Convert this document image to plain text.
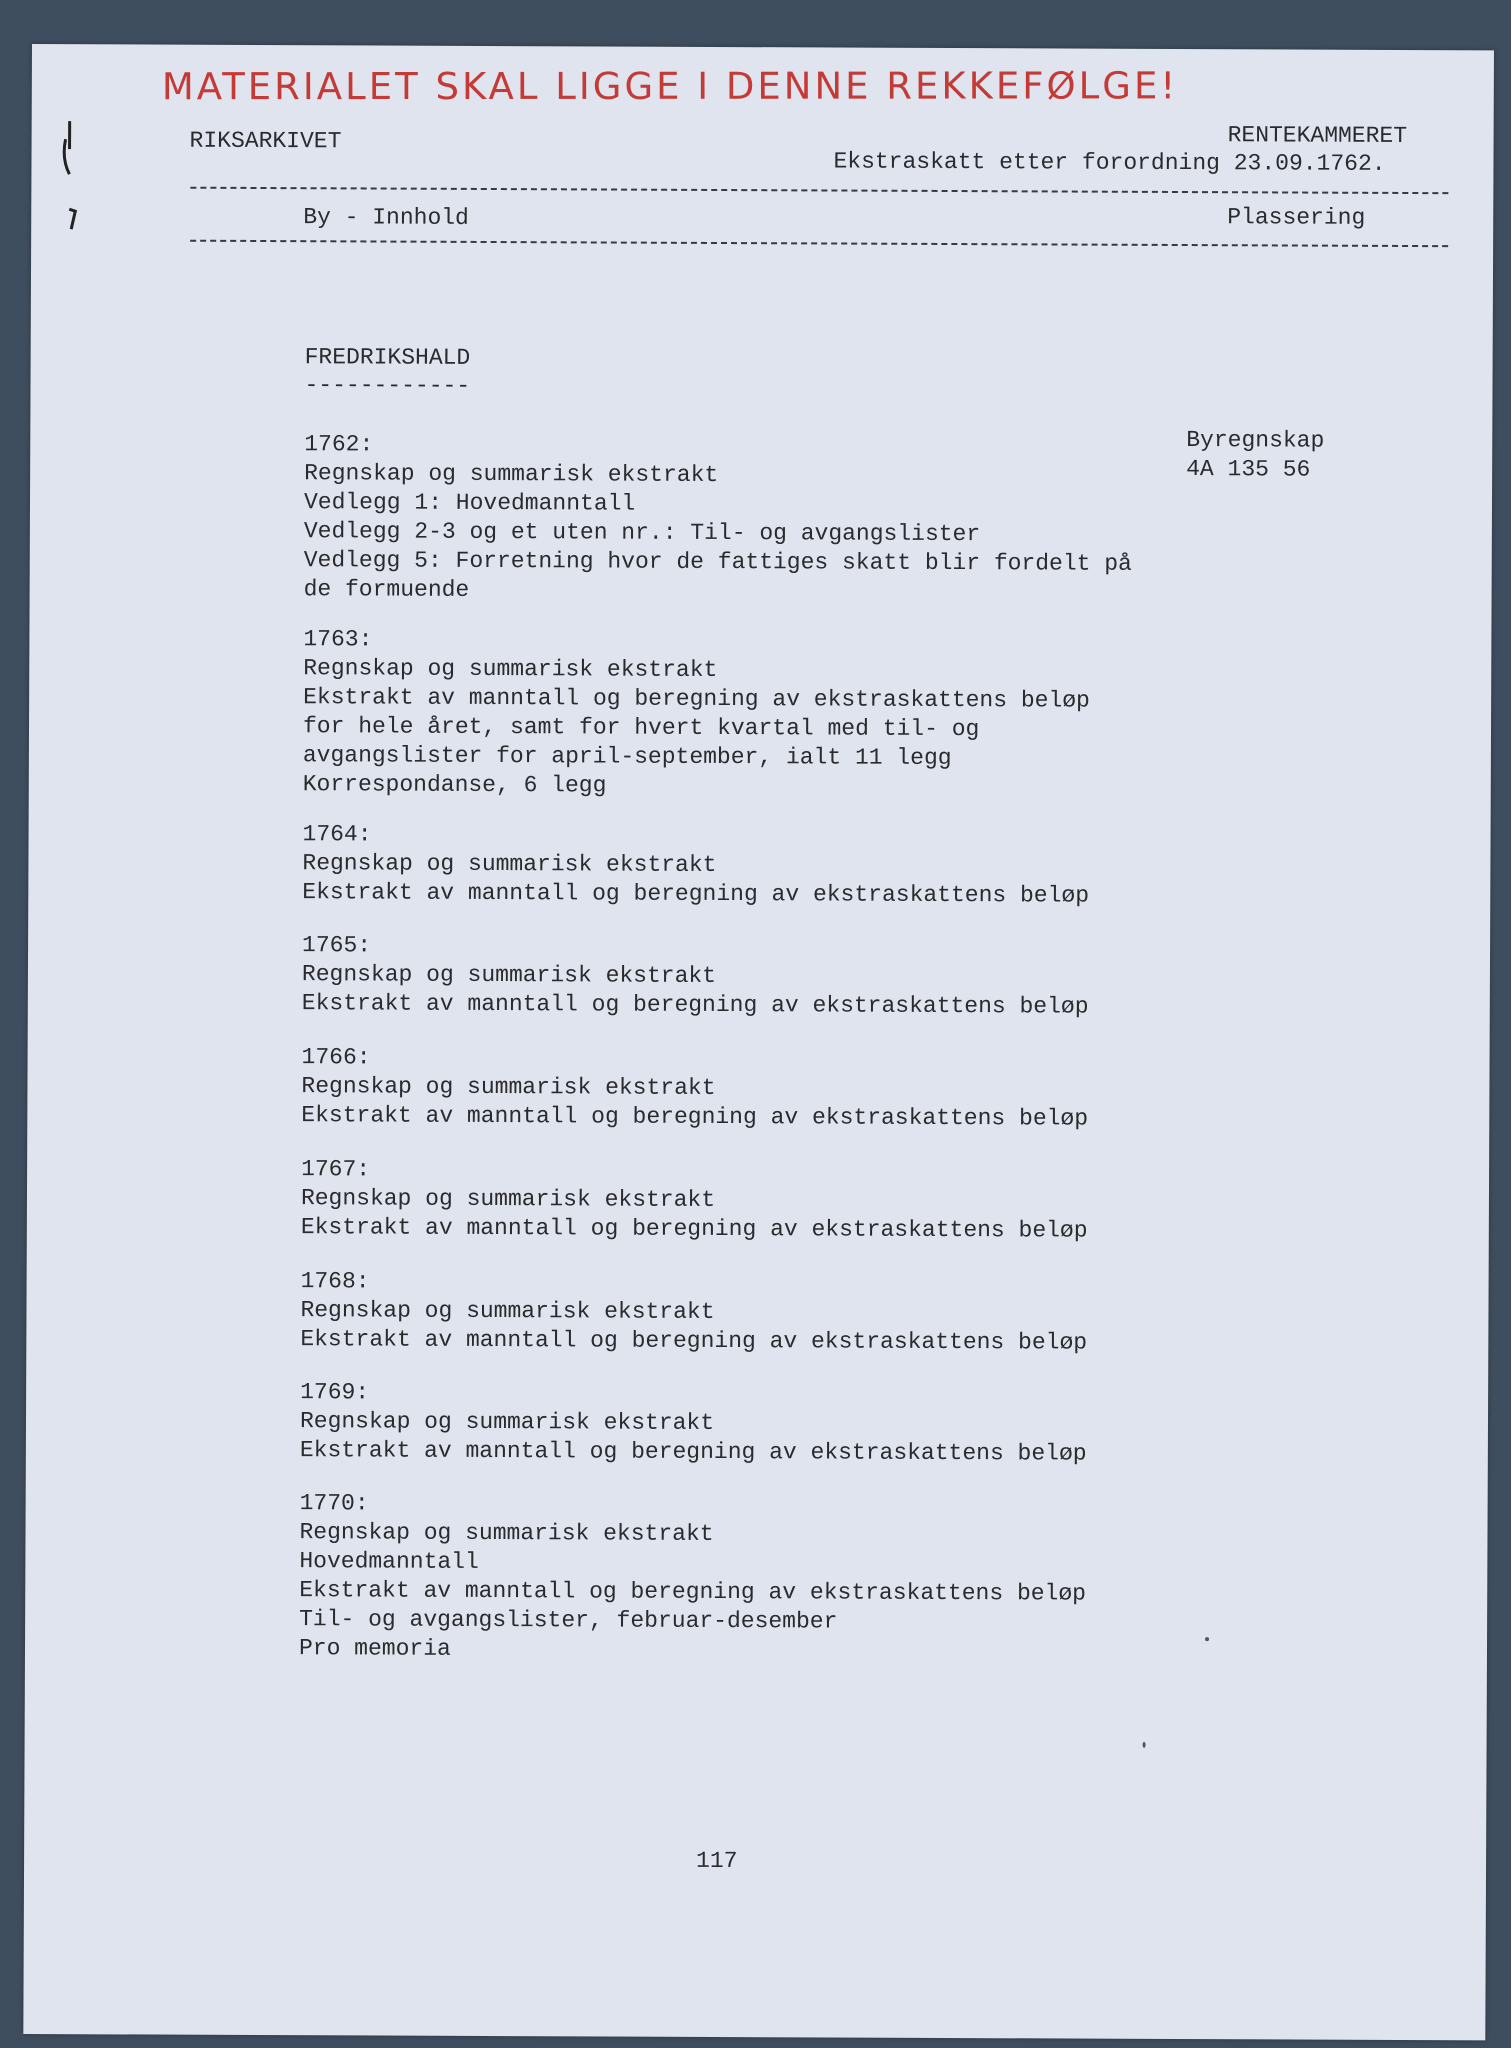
MATERIALET SKAL LIGGE I DENNE REKKEFØLGE!
RIKSARKIVET	RENTEKAMMERET
Ekstraskatt etter forordning 23.09.1762.
By - Innhold	Plassering
FREDRIKSHALD
------------
Byregnskap
4A 135 56
1762:
Regnskap og summarisk ekstrakt
Vedlegg 1: Hovedmanntall
Vedlegg 2-3 og et uten nr.: Til- og avgangslister
Vedlegg 5: Forretning hvor de fattiges skatt blir fordelt på
de formuende
1763:
Regnskap og summarisk ekstrakt
Ekstrakt av manntall og beregning av ekstraskattens beløp
for hele året, samt for hvert kvartal med til- og
avgangslister for april-september, ialt 11 legg
Korrespondanse, 6 legg
1764:
Regnskap og summarisk ekstrakt
Ekstrakt av manntall og beregning av ekstraskattens beløp
1765:
Regnskap og summarisk ekstrakt
Ekstrakt av manntall og beregning av ekstraskattens beløp
1766:
Regnskap og summarisk ekstrakt
Ekstrakt av manntall og beregning av ekstraskattens beløp
1767:
Regnskap og summarisk ekstrakt
Ekstrakt av manntall og beregning av ekstraskattens beløp
1768:
Regnskap og summarisk ekstrakt
Ekstrakt av manntall og beregning av ekstraskattens beløp
1769:
Regnskap og summarisk ekstrakt
Ekstrakt av manntall og beregning av ekstraskattens beløp
1770:
Regnskap og summarisk ekstrakt
Hovedmanntall
Ekstrakt av manntall og beregning av ekstraskattens beløp
Til- og avgangslister, februar-desember
Pro memoria
117
